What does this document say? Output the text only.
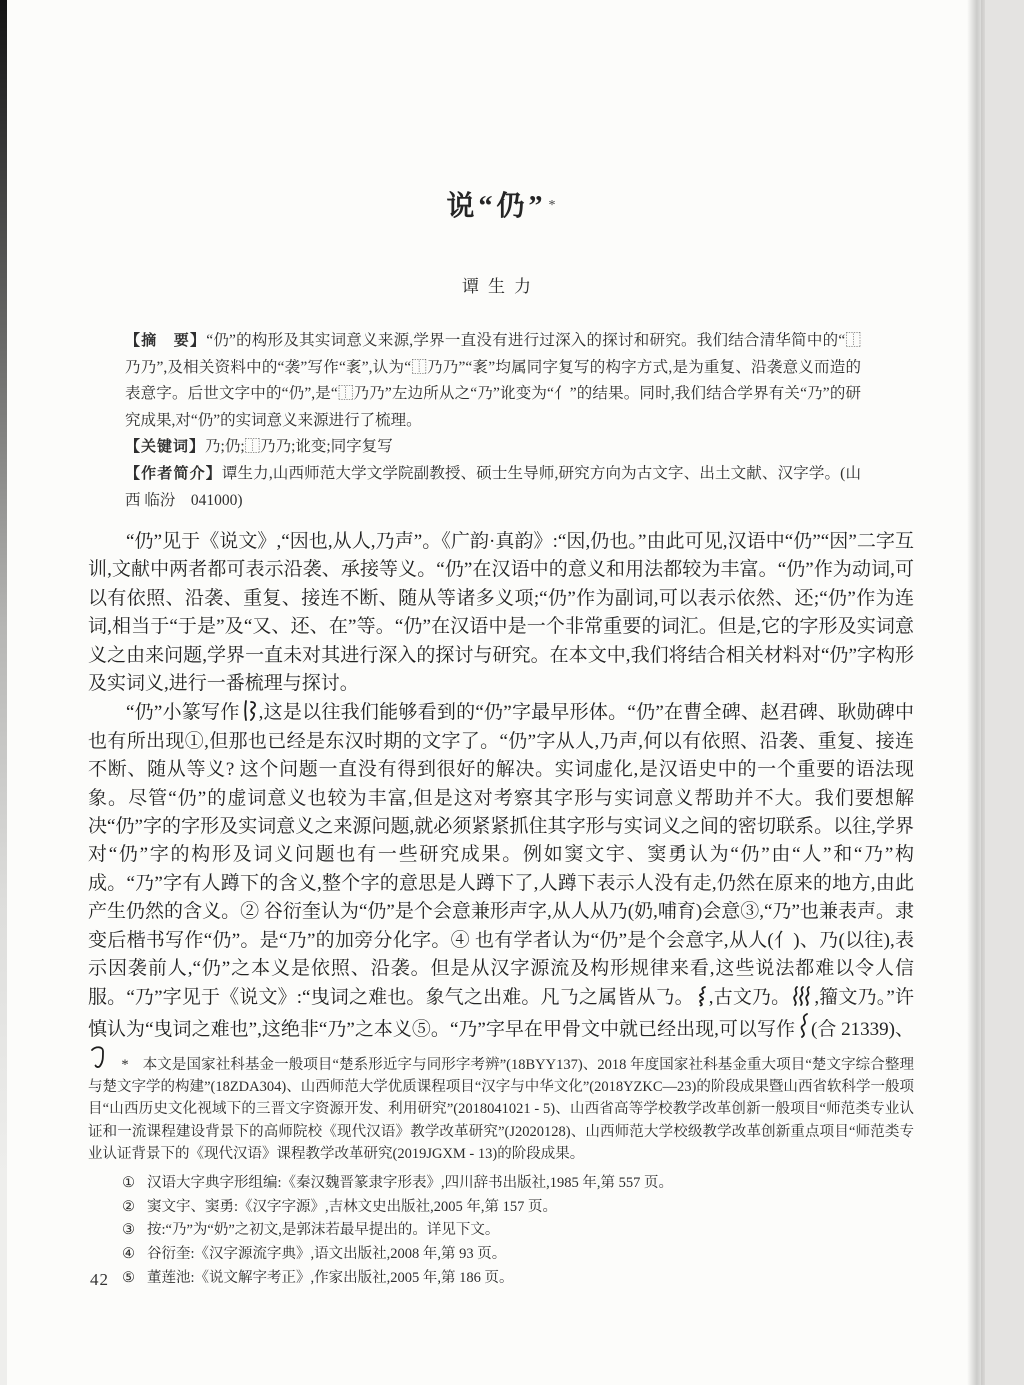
说“仍” *
谭生力

【摘　要】“仍”的构形及其实词意义来源,学界一直没有进行过深入的探讨和研究。我们结合清华简中的“⿰乃乃”,及相关资料中的“袭”写作“袲”,认为“⿰乃乃”“袲”均属同字复写的构字方式,是为重复、沿袭意义而造的表意字。后世文字中的“仍”,是“⿰乃乃”左边所从之“乃”讹变为“亻”的结果。同时,我们结合学界有关“乃”的研究成果,对“仍”的实词意义来源进行了梳理。

【关键词】乃;仍;⿰乃乃;讹变;同字复写

【作者简介】谭生力,山西师范大学文学院副教授、硕士生导师,研究方向为古文字、出土文献、汉字学。(山西 临汾　041000)

“仍”见于《说文》,“因也,从人,乃声”。《广韵·真韵》:“因,仍也。”由此可见,汉语中“仍”“因”二字互训,文献中两者都可表示沿袭、承接等义。“仍”在汉语中的意义和用法都较为丰富。“仍”作为动词,可以有依照、沿袭、重复、接连不断、随从等诸多义项;“仍”作为副词,可以表示依然、还;“仍”作为连词,相当于“于是”及“又、还、在”等。“仍”在汉语中是一个非常重要的词汇。但是,它的字形及实词意义之由来问题,学界一直未对其进行深入的探讨与研究。在本文中,我们将结合相关材料对“仍”字构形及实词义,进行一番梳理与探讨。

“仍”小篆写作 ,这是以往我们能够看到的“仍”字最早形体。“仍”在曹全碑、赵君碑、耿勋碑中也有所出现①,但那也已经是东汉时期的文字了。“仍”字从人,乃声,何以有依照、沿袭、重复、接连不断、随从等义? 这个问题一直没有得到很好的解决。实词虚化,是汉语史中的一个重要的语法现象。尽管“仍”的虚词意义也较为丰富,但是这对考察其字形与实词意义帮助并不大。我们要想解决“仍”字的字形及实词意义之来源问题,就必须紧紧抓住其字形与实词义之间的密切联系。以往,学界对“仍”字的构形及词义问题也有一些研究成果。例如窦文宇、窦勇认为“仍”由“人”和“乃”构成。“乃”字有人蹲下的含义,整个字的意思是人蹲下了,人蹲下表示人没有走,仍然在原来的地方,由此产生仍然的含义。② 谷衍奎认为“仍”是个会意兼形声字,从人从乃(奶,哺育)会意③,“乃”也兼表声。隶变后楷书写作“仍”。是“乃”的加旁分化字。④ 也有学者认为“仍”是个会意字,从人(亻)、乃(以往),表示因袭前人,“仍”之本义是依照、沿袭。但是从汉字源流及构形规律来看,这些说法都难以令人信服。“乃”字见于《说文》:“曳词之难也。象气之出难。凡𠄎之属皆从𠄎。 ,古文乃。 ,籀文乃。”许慎认为“曳词之难也”,这绝非“乃”之本义⑤。“乃”字早在甲骨文中就已经出现,可以写作 (合 21339)、

* 本文是国家社科基金一般项目“楚系形近字与同形字考辨”(18BYY137)、2018 年度国家社科基金重大项目“楚文字综合整理与楚文字学的构建”(18ZDA304)、山西师范大学优质课程项目“汉字与中华文化”(2018YZKC—23)的阶段成果暨山西省软科学一般项目“山西历史文化视域下的三晋文字资源开发、利用研究”(2018041021 - 5)、山西省高等学校教学改革创新一般项目“师范类专业认证和一流课程建设背景下的高师院校《现代汉语》教学改革研究”(J2020128)、山西师范大学校级教学改革创新重点项目“师范类专业认证背景下的《现代汉语》课程教学改革研究(2019JGXM - 13)的阶段成果。

① 汉语大字典字形组编:《秦汉魏晋篆隶字形表》,四川辞书出版社,1985 年,第 557 页。

② 窦文宇、窦勇:《汉字字源》,吉林文史出版社,2005 年,第 157 页。

③ 按:“乃”为“奶”之初文,是郭沫若最早提出的。详见下文。

④ 谷衍奎:《汉字源流字典》,语文出版社,2008 年,第 93 页。

⑤ 董莲池:《说文解字考正》,作家出版社,2005 年,第 186 页。

42
